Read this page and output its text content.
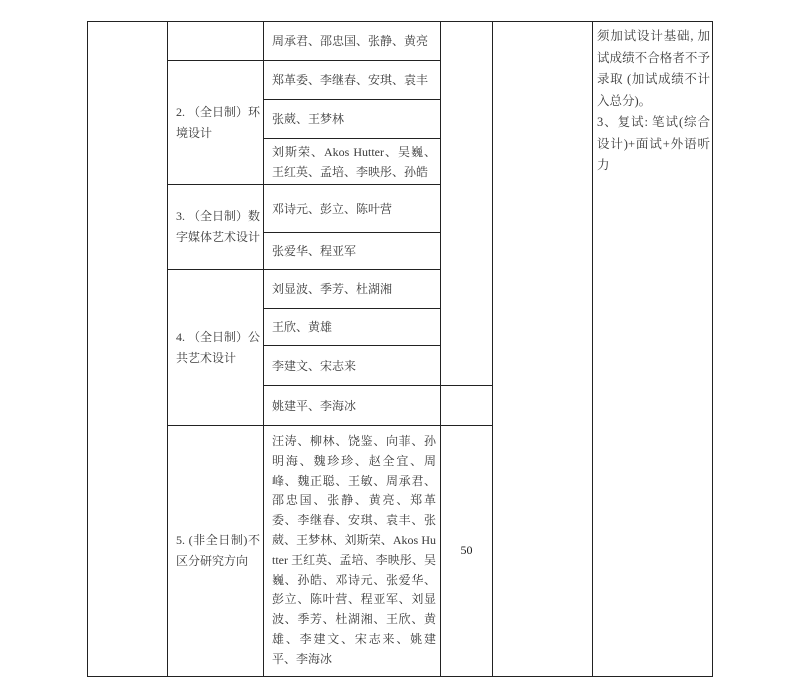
		周承君、邵忠国、张静、黄亮			须加试设计基础, 加试成绩不合格者不予录取 (加试成绩不计入总分)。

3、复试: 笔试(综合设计)+面试+外语听力

	2. （全日制）环境设计	郑革委、李继春、安琪、袁丰			
		张葳、王梦林			
		刘斯荣、Akos Hutter、吴巍、王红英、孟培、李映彤、孙皓			
	3. （全日制）数字媒体艺术设计	邓诗元、彭立、陈叶营			
		张爱华、程亚军			
	4. （全日制）公共艺术设计	刘显波、季芳、杜湖湘			
		王欣、黄雄			
		李建文、宋志来			
		姚建平、李海冰			
	5. (非全日制)不区分研究方向	汪涛、柳林、饶鉴、向菲、孙明海、魏珍珍、赵全宜、周峰、魏正聪、王敏、周承君、邵忠国、张静、黄亮、郑革委、李继春、安琪、袁丰、张葳、王梦林、刘斯荣、Akos Hutter 王红英、孟培、李映彤、吴巍、孙皓、邓诗元、张爱华、彭立、陈叶营、程亚军、刘显波、季芳、杜湖湘、王欣、黄雄、李建文、宋志来、姚建平、李海冰	50		
